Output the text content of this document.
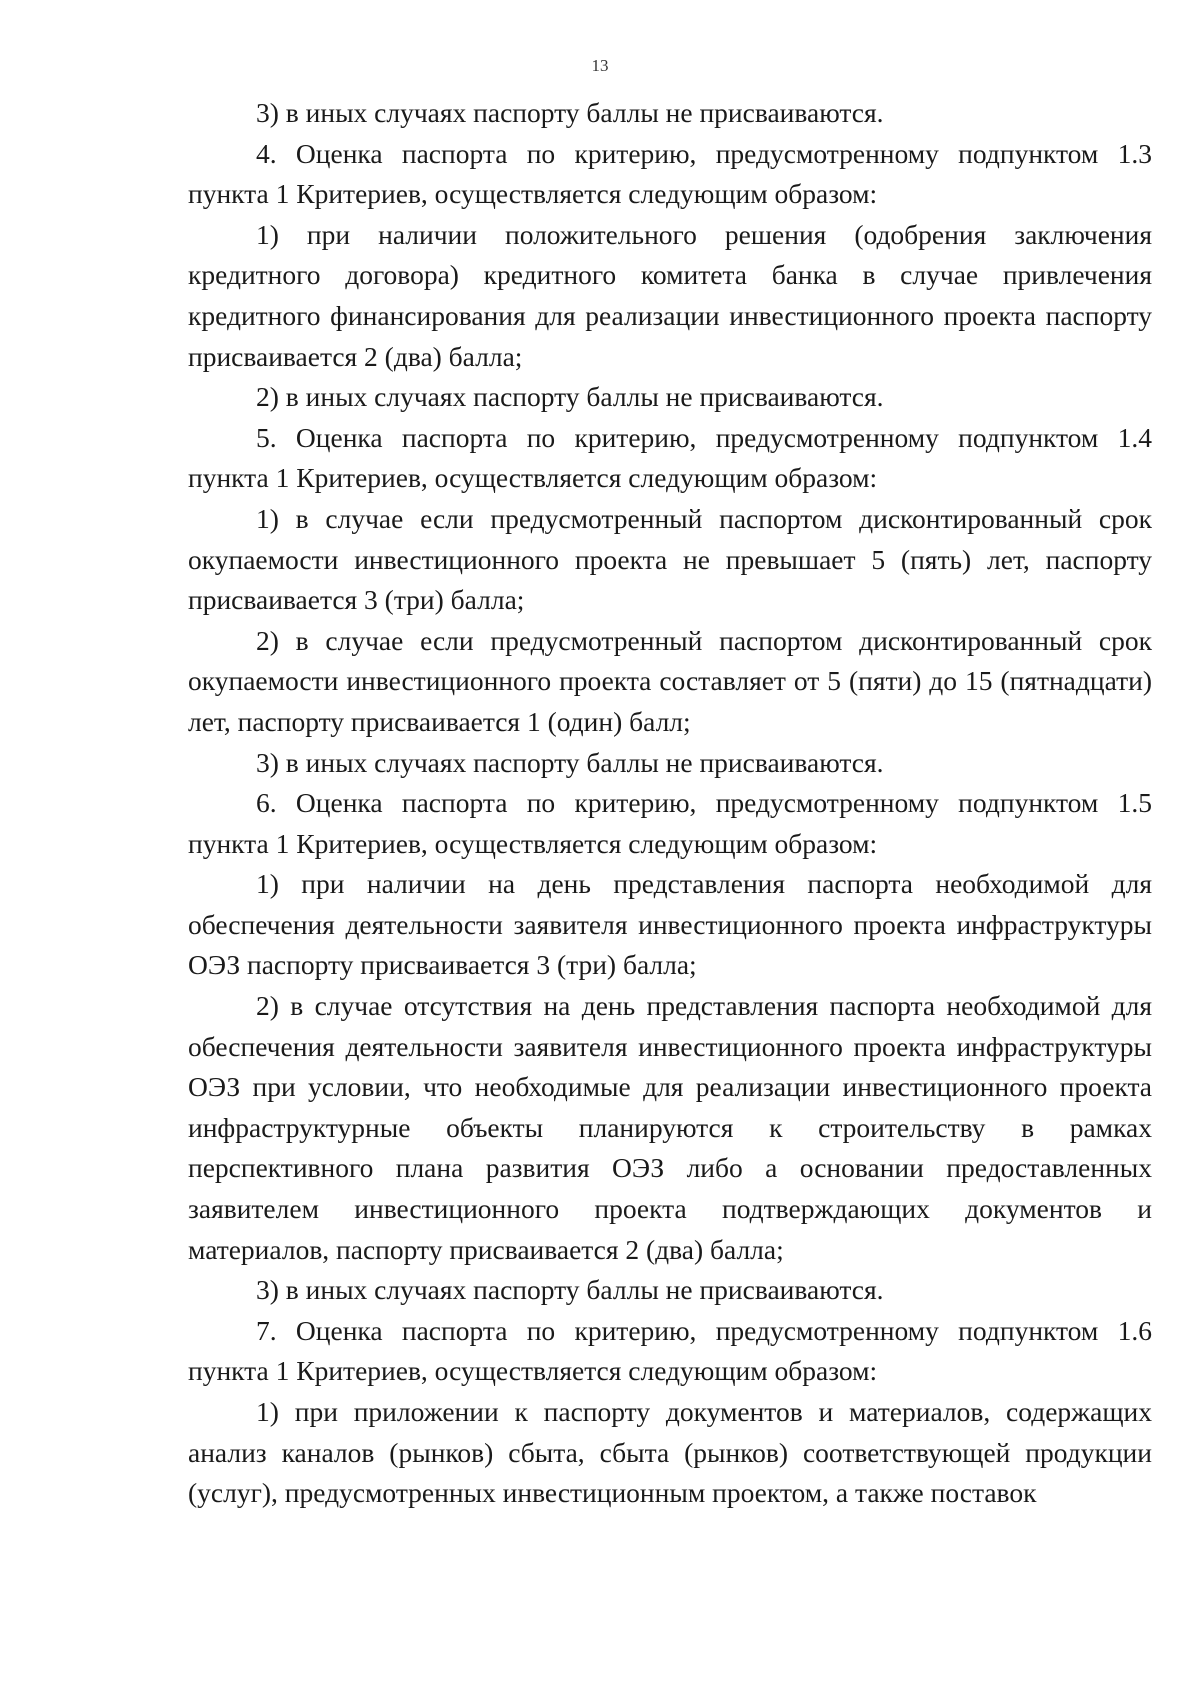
13

3) в иных случаях паспорту баллы не присваиваются.

4. Оценка паспорта по критерию, предусмотренному подпунктом 1.3 пункта 1 Критериев, осуществляется следующим образом:

1) при наличии положительного решения (одобрения заключения кредитного договора) кредитного комитета банка в случае привлечения кредитного финансирования для реализации инвестиционного проекта паспорту присваивается 2 (два) балла;

2) в иных случаях паспорту баллы не присваиваются.

5. Оценка паспорта по критерию, предусмотренному подпунктом 1.4 пункта 1 Критериев, осуществляется следующим образом:

1) в случае если предусмотренный паспортом дисконтированный срок окупаемости инвестиционного проекта не превышает 5 (пять) лет, паспорту присваивается 3 (три) балла;

2) в случае если предусмотренный паспортом дисконтированный срок окупаемости инвестиционного проекта составляет от 5 (пяти) до 15 (пятнадцати) лет, паспорту присваивается 1 (один) балл;

3) в иных случаях паспорту баллы не присваиваются.

6. Оценка паспорта по критерию, предусмотренному подпунктом 1.5 пункта 1 Критериев, осуществляется следующим образом:

1) при наличии на день представления паспорта необходимой для обеспечения деятельности заявителя инвестиционного проекта инфраструктуры ОЭЗ паспорту присваивается 3 (три) балла;

2) в случае отсутствия на день представления паспорта необходимой для обеспечения деятельности заявителя инвестиционного проекта инфраструктуры ОЭЗ при условии, что необходимые для реализации инвестиционного проекта инфраструктурные объекты планируются к строительству в рамках перспективного плана развития ОЭЗ либо а основании предоставленных заявителем инвестиционного проекта подтверждающих документов и материалов, паспорту присваивается 2 (два) балла;

3) в иных случаях паспорту баллы не присваиваются.

7. Оценка паспорта по критерию, предусмотренному подпунктом 1.6 пункта 1 Критериев, осуществляется следующим образом:

1) при приложении к паспорту документов и материалов, содержащих анализ каналов (рынков) сбыта, сбыта (рынков) соответствующей продукции (услуг), предусмотренных инвестиционным проектом, а также поставок
